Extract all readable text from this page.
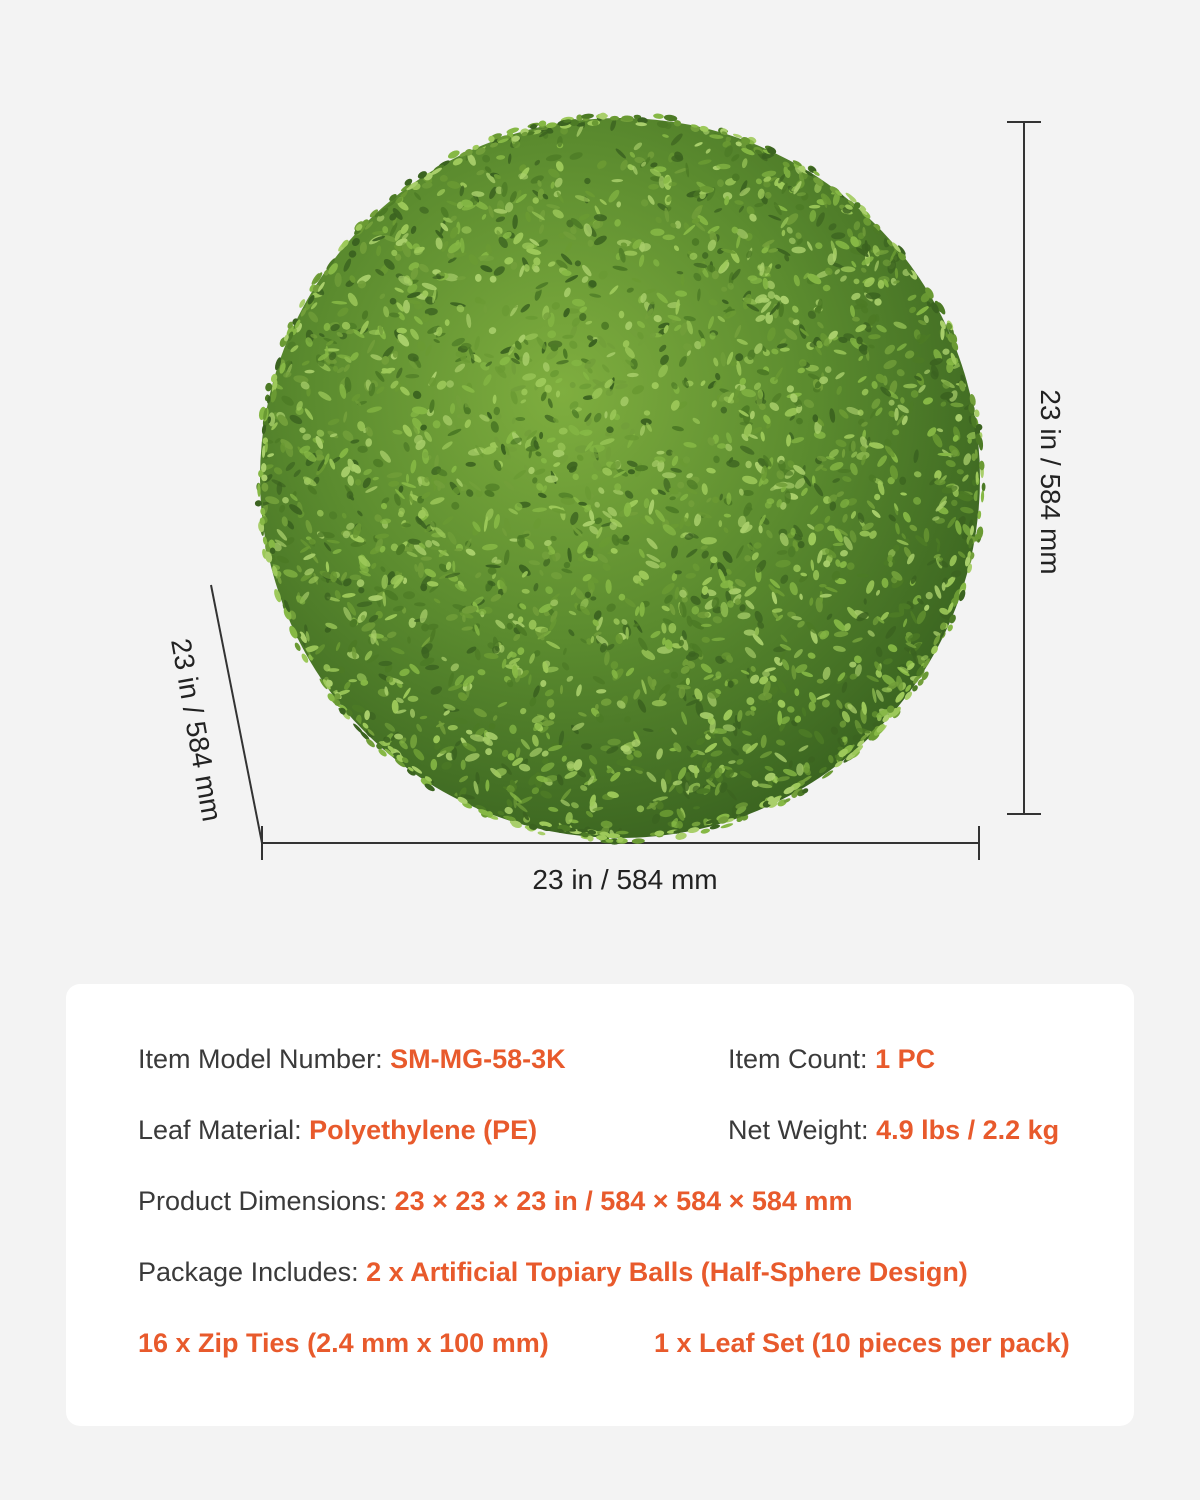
23 in / 584 mm
23 in / 584 mm
23 in / 584 mm
Item Model Number: SM-MG-58-3K	Item Count: 1 PC
Leaf Material: Polyethylene (PE)	Net Weight: 4.9 lbs / 2.2 kg
Product Dimensions: 23 × 23 × 23 in / 584 × 584 × 584 mm
Package Includes: 2 x Artificial Topiary Balls (Half-Sphere Design)
16 x Zip Ties (2.4 mm x 100 mm)	1 x Leaf Set (10 pieces per pack)
